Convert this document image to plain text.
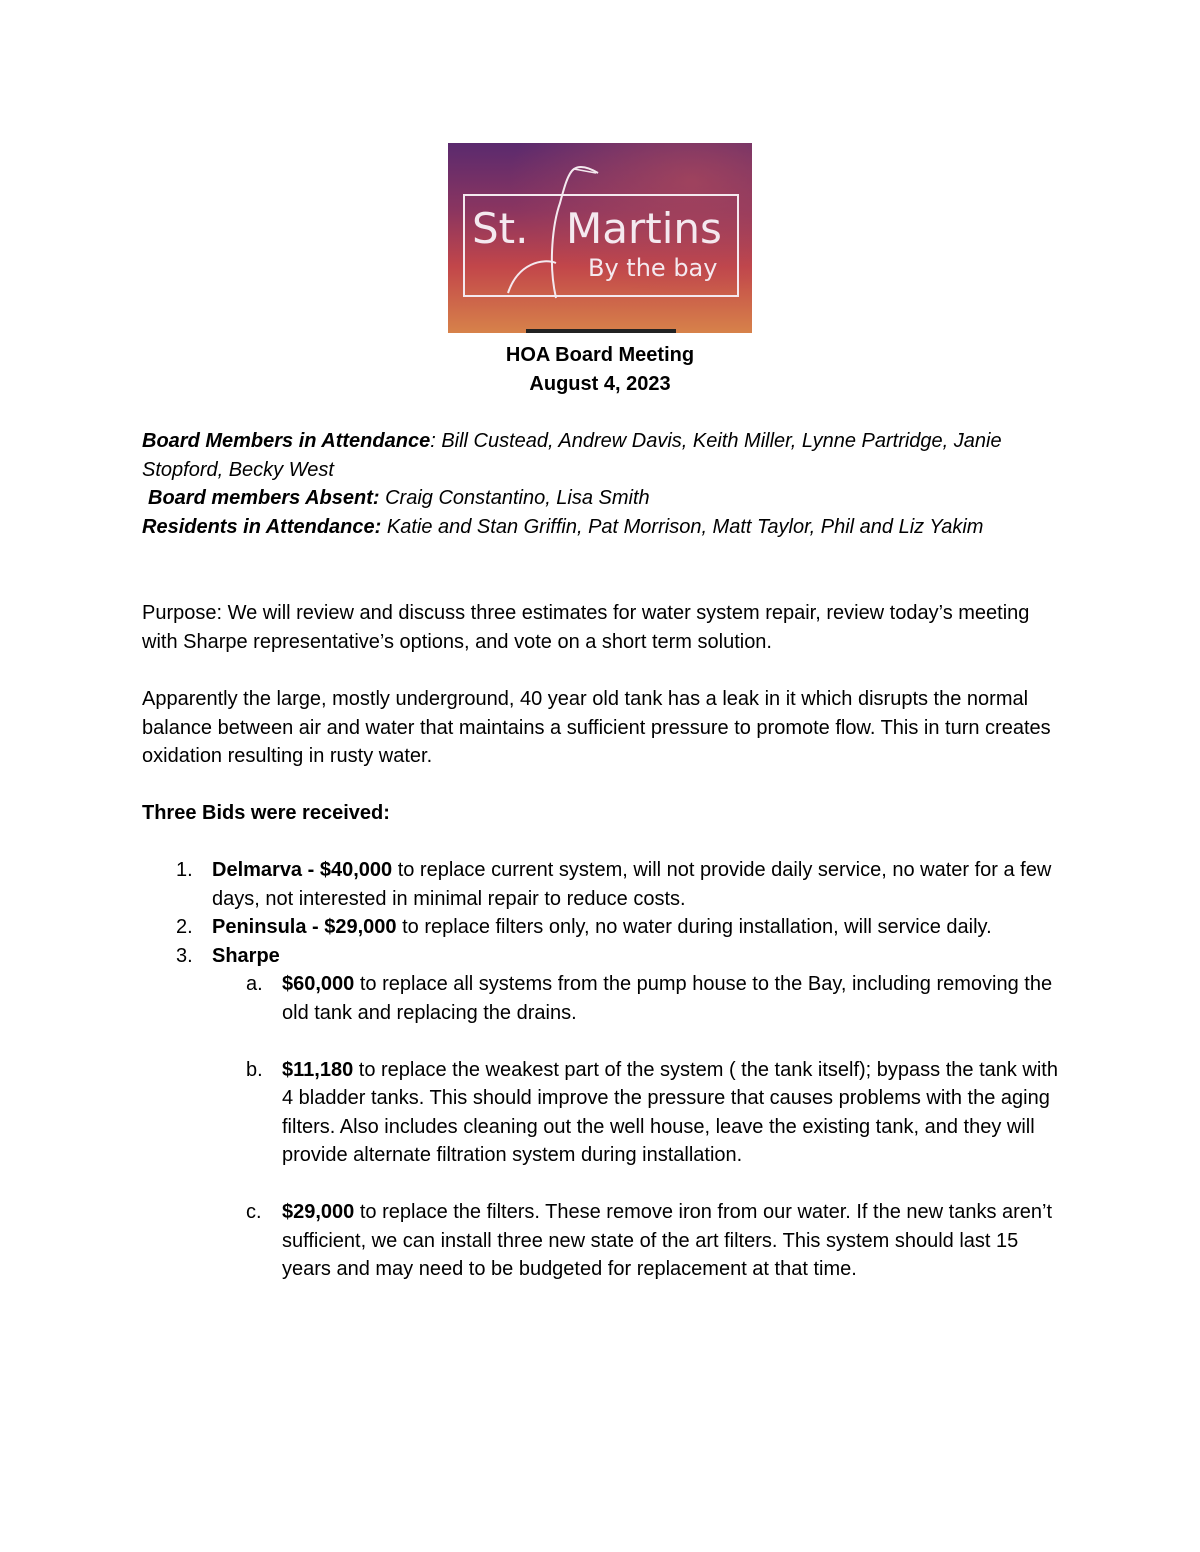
St. Martins
By the bay
HOA Board Meeting
August 4, 2023

Board Members in Attendance: Bill Custead, Andrew Davis, Keith Miller, Lynne Partridge, Janie Stopford, Becky West

Board members Absent: Craig Constantino, Lisa Smith

Residents in Attendance: Katie and Stan Griffin, Pat Morrison, Matt Taylor, Phil and Liz Yakim

Purpose: We will review and discuss three estimates for water system repair, review today’s meeting with Sharpe representative’s options, and vote on a short term solution.

Apparently the large, mostly underground, 40 year old tank has a leak in it which disrupts the normal balance between air and water that maintains a sufficient pressure to promote flow. This in turn creates oxidation resulting in rusty water.

Three Bids were received:

1. Delmarva - $40,000 to replace current system, will not provide daily service, no water for a few days, not interested in minimal repair to reduce costs.
2. Peninsula - $29,000 to replace filters only, no water during installation, will service daily.
3. Sharpe
a. $60,000 to replace all systems from the pump house to the Bay, including removing the old tank and replacing the drains.
b. $11,180 to replace the weakest part of the system ( the tank itself); bypass the tank with 4 bladder tanks. This should improve the pressure that causes problems with the aging filters. Also includes cleaning out the well house, leave the existing tank, and they will provide alternate filtration system during installation.
c. $29,000 to replace the filters. These remove iron from our water. If the new tanks aren’t sufficient, we can install three new state of the art filters. This system should last 15 years and may need to be budgeted for replacement at that time.
